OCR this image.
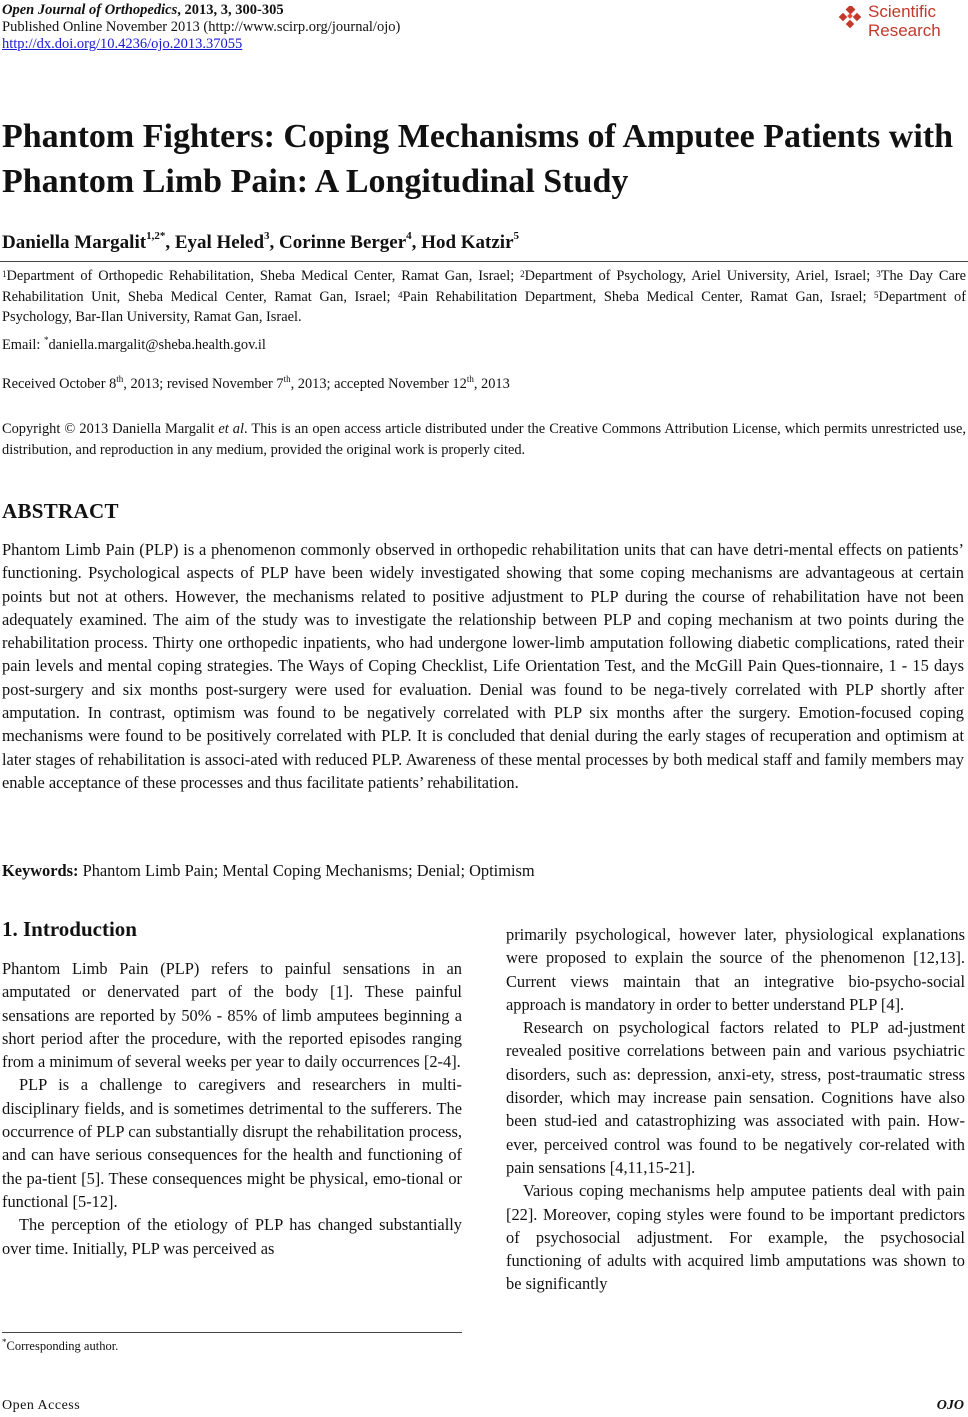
Open Journal of Orthopedics, 2013, 3, 300-305
Published Online November 2013 (http://www.scirp.org/journal/ojo)
http://dx.doi.org/10.4236/ojo.2013.37055
Scientific
Research
Phantom Fighters: Coping Mechanisms of Amputee Patients with Phantom Limb Pain: A Longitudinal Study
Daniella Margalit$^{1,2*}$, Eyal Heled$^3$, Corinne Berger$^4$, Hod Katzir$^5$
$^1$Department of Orthopedic Rehabilitation, Sheba Medical Center, Ramat Gan, Israel; $^2$Department of Psychology, Ariel University, Ariel, Israel; $^3$The Day Care Rehabilitation Unit, Sheba Medical Center, Ramat Gan, Israel; $^4$Pain Rehabilitation Department, Sheba Medical Center, Ramat Gan, Israel; $^5$Department of Psychology, Bar-Ilan University, Ramat Gan, Israel.
Email: *daniella.margalit@sheba.health.gov.il
Received October 8th, 2013; revised November 7th, 2013; accepted November 12th, 2013
Copyright © 2013 Daniella Margalit et al. This is an open access article distributed under the Creative Commons Attribution License, which permits unrestricted use, distribution, and reproduction in any medium, provided the original work is properly cited.
ABSTRACT
Phantom Limb Pain (PLP) is a phenomenon commonly observed in orthopedic rehabilitation units that can have detri-mental effects on patients’ functioning. Psychological aspects of PLP have been widely investigated showing that some coping mechanisms are advantageous at certain points but not at others. However, the mechanisms related to positive adjustment to PLP during the course of rehabilitation have not been adequately examined. The aim of the study was to investigate the relationship between PLP and coping mechanism at two points during the rehabilitation process. Thirty one orthopedic inpatients, who had undergone lower-limb amputation following diabetic complications, rated their pain levels and mental coping strategies. The Ways of Coping Checklist, Life Orientation Test, and the McGill Pain Ques-tionnaire, 1 - 15 days post-surgery and six months post-surgery were used for evaluation. Denial was found to be nega-tively correlated with PLP shortly after amputation. In contrast, optimism was found to be negatively correlated with PLP six months after the surgery. Emotion-focused coping mechanisms were found to be positively correlated with PLP. It is concluded that denial during the early stages of recuperation and optimism at later stages of rehabilitation is associ-ated with reduced PLP. Awareness of these mental processes by both medical staff and family members may enable acceptance of these processes and thus facilitate patients’ rehabilitation.
Keywords: Phantom Limb Pain; Mental Coping Mechanisms; Denial; Optimism
1. Introduction

Phantom Limb Pain (PLP) refers to painful sensations in an amputated or denervated part of the body [1]. These painful sensations are reported by 50% - 85% of limb amputees beginning a short period after the procedure, with the reported episodes ranging from a minimum of several weeks per year to daily occurrences [2-4].

PLP is a challenge to caregivers and researchers in multi-disciplinary fields, and is sometimes detrimental to the sufferers. The occurrence of PLP can substantially disrupt the rehabilitation process, and can have serious consequences for the health and functioning of the pa-tient [5]. These consequences might be physical, emo-tional or functional [5-12].

The perception of the etiology of PLP has changed substantially over time. Initially, PLP was perceived as

primarily psychological, however later, physiological explanations were proposed to explain the source of the phenomenon [12,13]. Current views maintain that an integrative bio-psycho-social approach is mandatory in order to better understand PLP [4].

Research on psychological factors related to PLP ad-justment revealed positive correlations between pain and various psychiatric disorders, such as: depression, anxi-ety, stress, post-traumatic stress disorder, which may increase pain sensation. Cognitions have also been stud-ied and catastrophizing was associated with pain. How-ever, perceived control was found to be negatively cor-related with pain sensations [4,11,15-21].

Various coping mechanisms help amputee patients deal with pain [22]. Moreover, coping styles were found to be important predictors of psychosocial adjustment. For example, the psychosocial functioning of adults with acquired limb amputations was shown to be significantly

*Corresponding author.
Open Access	OJO
